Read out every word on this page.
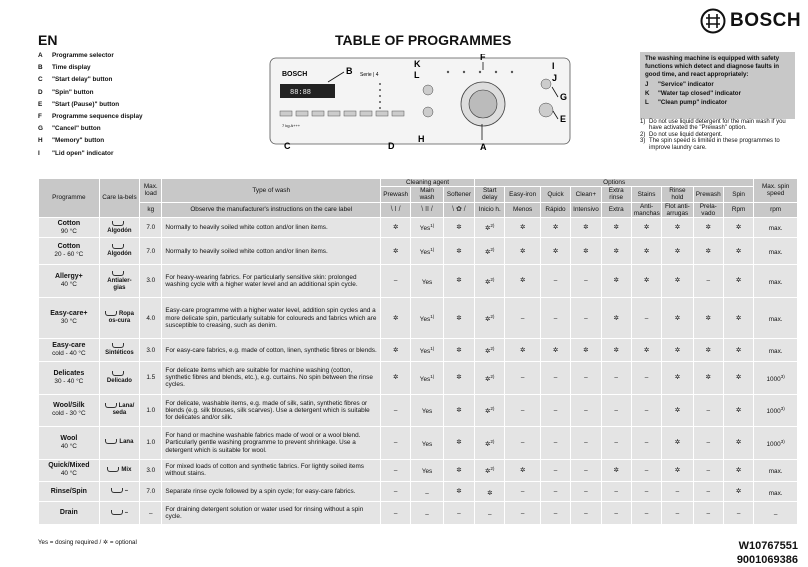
EN	TABLE OF PROGRAMMES
BOSCH
A	Programme selector
B	Time display
C	"Start delay" button
D	"Spin" button
E	"Start (Pause)" button
F	Programme sequence display
G	"Cancel" button
H	"Memory" button
I	"Lid open" indicator
BOSCH	Serie | 4
88:88
7 kg A+++
B
F
K
L
I
J
G
E
H
C	D	A
The washing machine is equipped with safety functions which detect and diagnose faults in good time, and react appropriately:
J	"Service" indicator
K	"Water tap closed" indicator
L	"Clean pump" indicator
1) Do not use liquid detergent for the main wash if you have activated the "Prewash" option.
2) Do not use liquid detergent.
3) The spin speed is limited in these programmes to improve laundry care.
Programme	Care la-bels	Max. load	Type of wash	Cleaning agent			Options									Max. spin speed
				Prewash	Main wash	Softener	Start delay	Easy-iron	Quick	Clean+	Extra rinse	Stains	Rinse hold	Prewash	Spin	
		kg	Observe the manufacturer's instructions on the care label	\ I /	\ II /	\ ✿ /	Inicio h.	Menos	Rápido	Intensivo	Extra	Anti-manchas	Flot anti-arrugas	Prela-vado	Rpm	rpm

Cotton
90 °C	Algodón	7.0	Normally to heavily soiled white cotton and/or linen items.	✲	Yes$^{1)}$	✲	✲$^{2)}$	✲	✲	✲	✲	✲	✲	✲	✲	max.

Cotton
20 - 60 °C	Algodón	7.0	Normally to heavily soiled white cotton and/or linen items.	✲	Yes$^{1)}$	✲	✲$^{2)}$	✲	✲	✲	✲	✲	✲	✲	✲	max.

Allergy+
40 °C	Antialer-gias	3.0	For heavy-wearing fabrics. For particularly sensitive skin: prolonged washing cycle with a higher water level and an additional spin cycle.	–	Yes	✲	✲$^{2)}$	✲	–	–	✲	✲	✲	–	✲	max.

Easy-care+
30 °C	Ropa os-cura	4.0	Easy-care programme with a higher water level, addition spin cycles and a more delicate spin, particularly suitable for coloureds and fabrics which are susceptible to creasing, such as denim.	✲	Yes$^{1)}$	✲	✲$^{2)}$	–	–	–	✲	–	✲	✲	✲	max.

Easy-care
cold - 40 °C	Sintéticos	3.0	For easy-care fabrics, e.g. made of cotton, linen, synthetic fibres or blends.	✲	Yes$^{1)}$	✲	✲$^{2)}$	✲	✲	✲	✲	✲	✲	✲	✲	max.

Delicates
30 - 40 °C	Delicado	1.5	For delicate items which are suitable for machine washing (cotton, synthetic fibres and blends, etc.), e.g. curtains. No spin between the rinse cycles.	✲	Yes$^{1)}$	✲	✲$^{2)}$	–	–	–	–	–	✲	✲	✲	1000$^{3)}$

Wool/Silk
cold - 30 °C	Lana/ seda	1.0	For delicate, washable items, e.g. made of silk, satin, synthetic fibres or blends (e.g. silk blouses, silk scarves). Use a detergent which is suitable for delicates and/or silk.	–	Yes	✲	✲$^{2)}$	–	–	–	–	–	✲	–	✲	1000$^{3)}$

Wool
40 °C	Lana	1.0	For hand or machine washable fabrics made of wool or a wool blend. Particularly gentle washing programme to prevent shrinkage. Use a detergent which is suitable for wool.	–	Yes	✲	✲$^{2)}$	–	–	–	–	–	✲	–	✲	1000$^{3)}$

Quick/Mixed
40 °C	Mix	3.0	For mixed loads of cotton and synthetic fabrics. For lightly soiled items without stains.	–	Yes	✲	✲$^{2)}$	✲	–	–	✲	–	✲	–	✲	max.

Rinse/Spin	–	7.0	Separate rinse cycle followed by a spin cycle; for easy-care fabrics.	–	–	✲	✲	–	–	–	–	–	–	–	✲	max.

Drain	–	–	For draining detergent solution or water used for rinsing without a spin cycle.	–	–	–	–	–	–	–	–	–	–	–	–	–
Yes = dosing required / ✲ = optional	W10767551
9001069386
